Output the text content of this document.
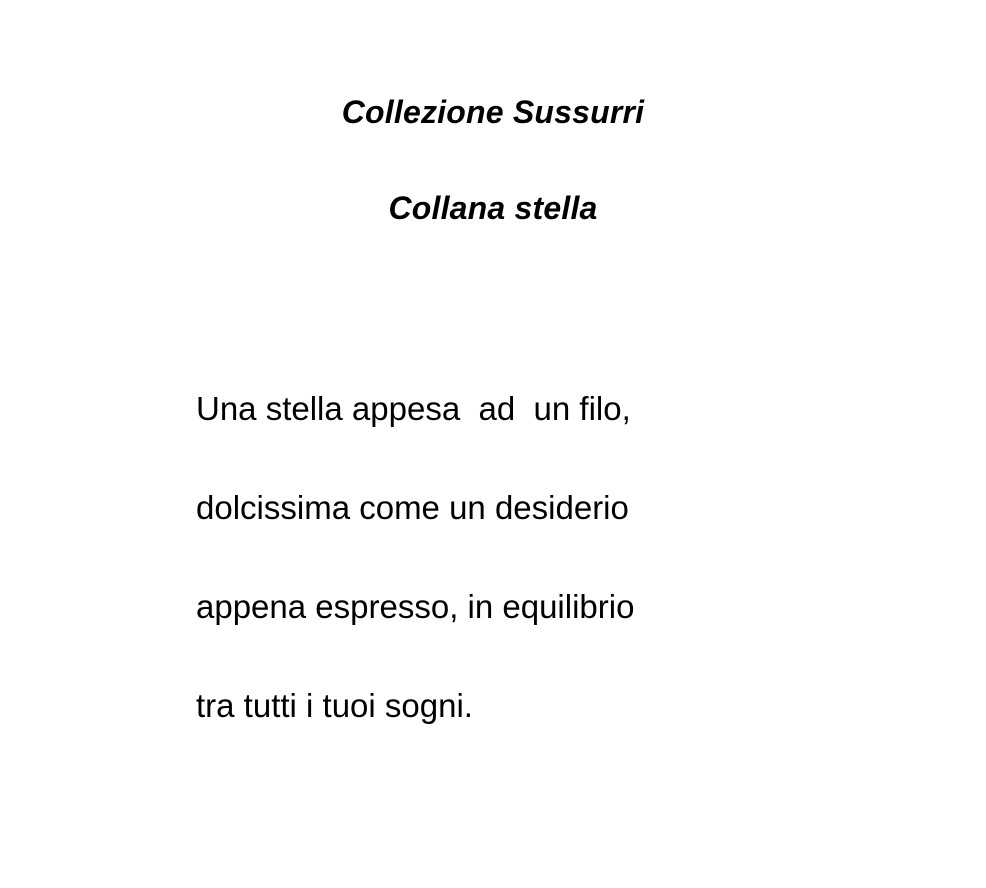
Collezione Sussurri
Collana stella
Una stella appesa  ad  un filo,
dolcissima come un desiderio
appena espresso, in equilibrio
tra tutti i tuoi sogni.
